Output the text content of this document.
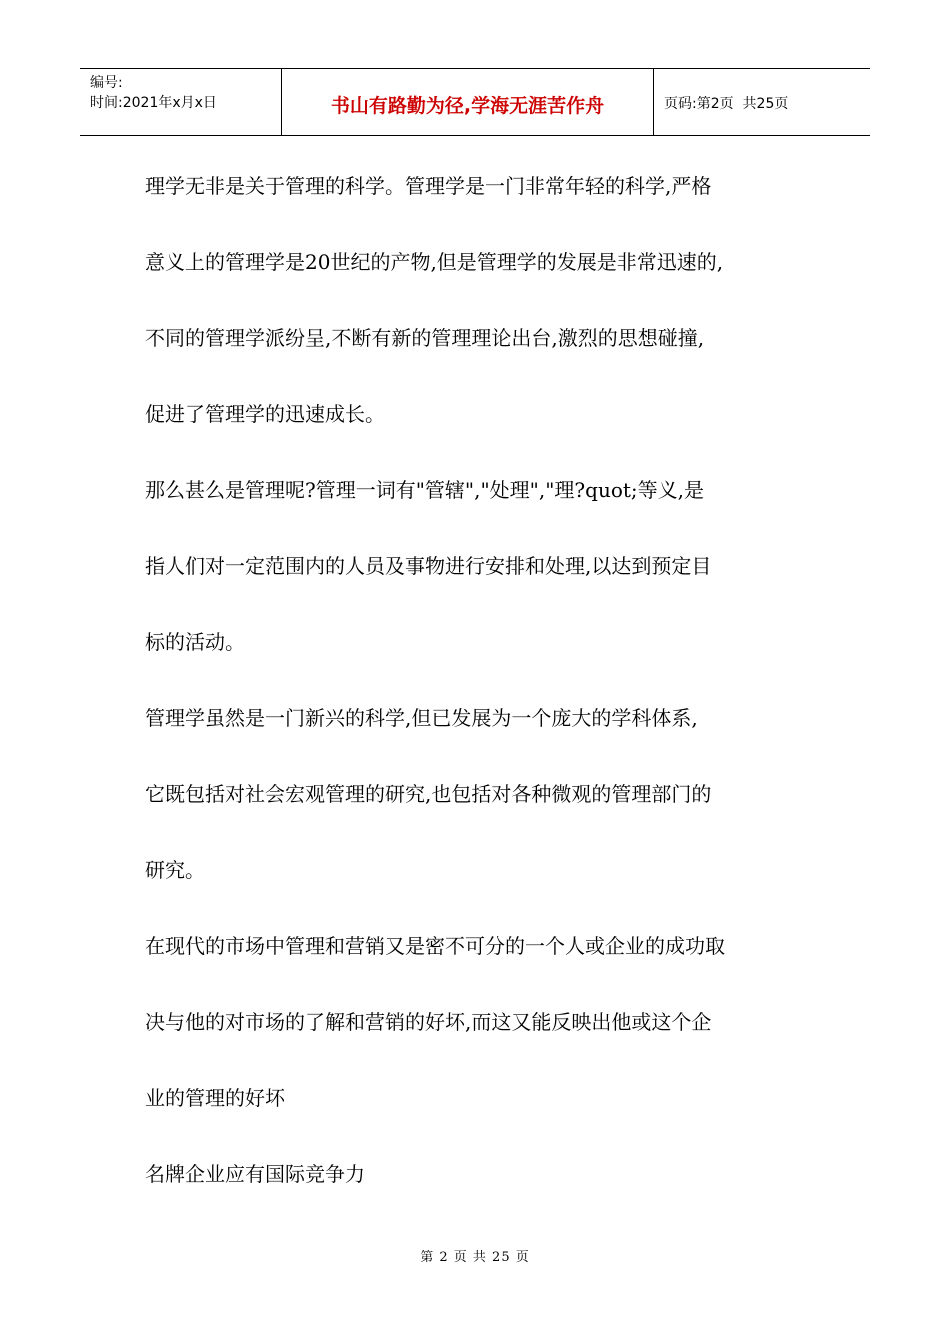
编号:
时间:2021年x月x日	书山有路勤为径,学海无涯苦作舟	页码:第2页  共25页

理学无非是关于管理的科学。管理学是一门非常年轻的科学,严格

意义上的管理学是20世纪的产物,但是管理学的发展是非常迅速的,

不同的管理学派纷呈,不断有新的管理理论出台,激烈的思想碰撞,

促进了管理学的迅速成长。

那么甚么是管理呢?管理一词有"管辖","处理","理?quot;等义,是

指人们对一定范围内的人员及事物进行安排和处理,以达到预定目

标的活动。

管理学虽然是一门新兴的科学,但已发展为一个庞大的学科体系,

它既包括对社会宏观管理的研究,也包括对各种微观的管理部门的

研究。

在现代的市场中管理和营销又是密不可分的一个人或企业的成功取

决与他的对市场的了解和营销的好坏,而这又能反映出他或这个企

业的管理的好坏

名牌企业应有国际竞争力

第 2 页 共 25 页
